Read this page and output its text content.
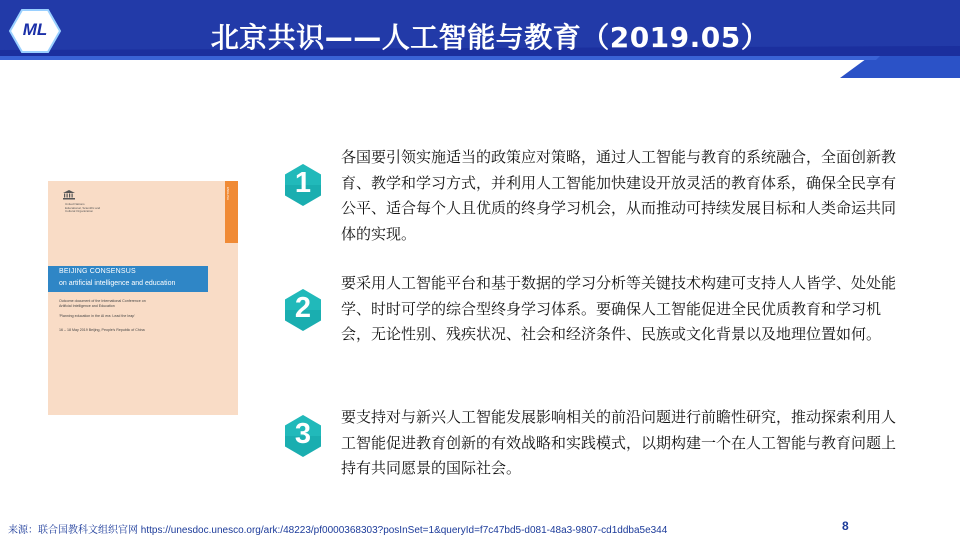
ML	北京共识——人工智能与教育（2019.05）
ENGLISH
United Nations
Educational, Scientific and
Cultural Organization
BEIJING CONSENSUS
on artificial intelligence and education
Outcome document of the International Conference on
Artificial Intelligence and Education
'Planning education in the AI era: Lead the leap'
16 – 18 May 2019 Beijing, People's Republic of China
1
各国要引领实施适当的政策应对策略，通过人工智能与教育的系统融合，全面创新教育、教学和学习方式，并利用人工智能加快建设开放灵活的教育体系，确保全民享有公平、适合每个人且优质的终身学习机会，从而推动可持续发展目标和人类命运共同体的实现。
2
要采用人工智能平台和基于数据的学习分析等关键技术构建可支持人人皆学、处处能学、时时可学的综合型终身学习体系。要确保人工智能促进全民优质教育和学习机会，无论性别、残疾状况、社会和经济条件、民族或文化背景以及地理位置如何。
3
要支持对与新兴人工智能发展影响相关的前沿问题进行前瞻性研究，推动探索利用人工智能促进教育创新的有效战略和实践模式，以期构建一个在人工智能与教育问题上持有共同愿景的国际社会。
来源：联合国教科文组织官网 https://unesdoc.unesco.org/ark:/48223/pf0000368303?posInSet=1&queryId=f7c47bd5-d081-48a3-9807-cd1ddba5e344	8
